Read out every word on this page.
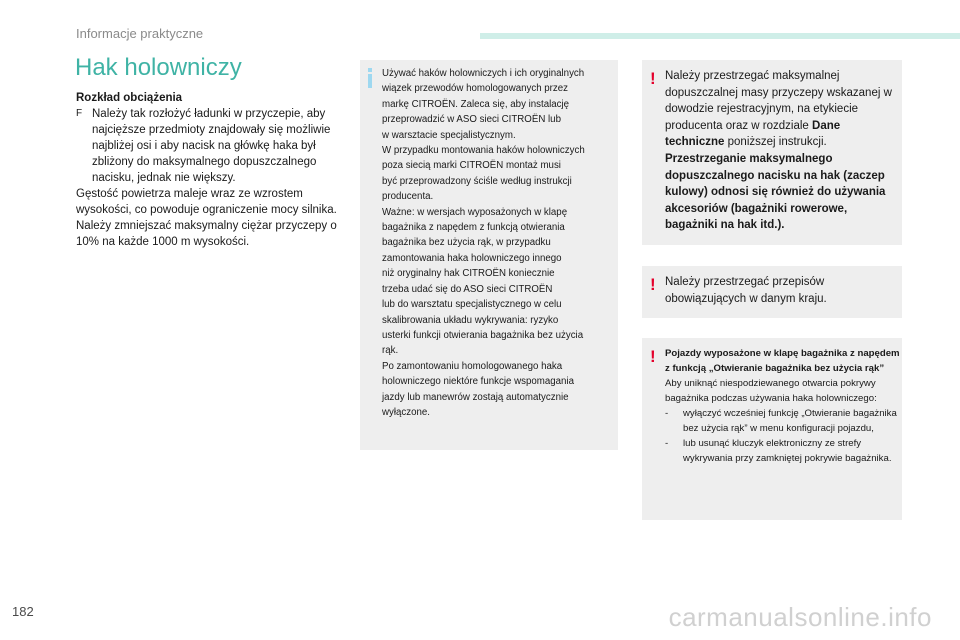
Informacje praktyczne
Hak holowniczy
Rozkład obciążenia
F Należy tak rozłożyć ładunki w przyczepie, aby najcięższe przedmioty znajdowały się możliwie najbliżej osi i aby nacisk na główkę haka był zbliżony do maksymalnego dopuszczalnego nacisku, jednak nie większy.
Gęstość powietrza maleje wraz ze wzrostem wysokości, co powoduje ograniczenie mocy silnika. Należy zmniejszać maksymalny ciężar przyczepy o 10% na każde 1000 m wysokości.
Używać haków holowniczych i ich oryginalnych
wiązek przewodów homologowanych przez
markę CITROËN. Zaleca się, aby instalację
przeprowadzić w ASO sieci CITROËN lub
w warsztacie specjalistycznym.
W przypadku montowania haków holowniczych
poza siecią marki CITROËN montaż musi
być przeprowadzony ściśle według instrukcji
producenta.
Ważne: w wersjach wyposażonych w klapę
bagażnika z napędem z funkcją otwierania
bagażnika bez użycia rąk, w przypadku
zamontowania haka holowniczego innego
niż oryginalny hak CITROËN koniecznie
trzeba udać się do ASO sieci CITROËN
lub do warsztatu specjalistycznego w celu
skalibrowania układu wykrywania: ryzyko
usterki funkcji otwierania bagażnika bez użycia
rąk.
Po zamontowaniu homologowanego haka
holowniczego niektóre funkcje wspomagania
jazdy lub manewrów zostają automatycznie
wyłączone.
! Należy przestrzegać maksymalnej dopuszczalnej masy przyczepy wskazanej w dowodzie rejestracyjnym, na etykiecie producenta oraz w rozdziale Dane techniczne poniższej instrukcji.
Przestrzeganie maksymalnego dopuszczalnego nacisku na hak (zaczep kulowy) odnosi się również do używania akcesoriów (bagażniki rowerowe, bagażniki na hak itd.).
! Należy przestrzegać przepisów obowiązujących w danym kraju.
! Pojazdy wyposażone w klapę bagażnika z napędem z funkcją „Otwieranie bagażnika bez użycia rąk”
Aby uniknąć niespodziewanego otwarcia pokrywy bagażnika podczas używania haka holowniczego:
-	wyłączyć wcześniej funkcję „Otwieranie bagażnika bez użycia rąk” w menu konfiguracji pojazdu,
-	lub usunąć kluczyk elektroniczny ze strefy wykrywania przy zamkniętej pokrywie bagażnika.
182	carmanualsonline.info
